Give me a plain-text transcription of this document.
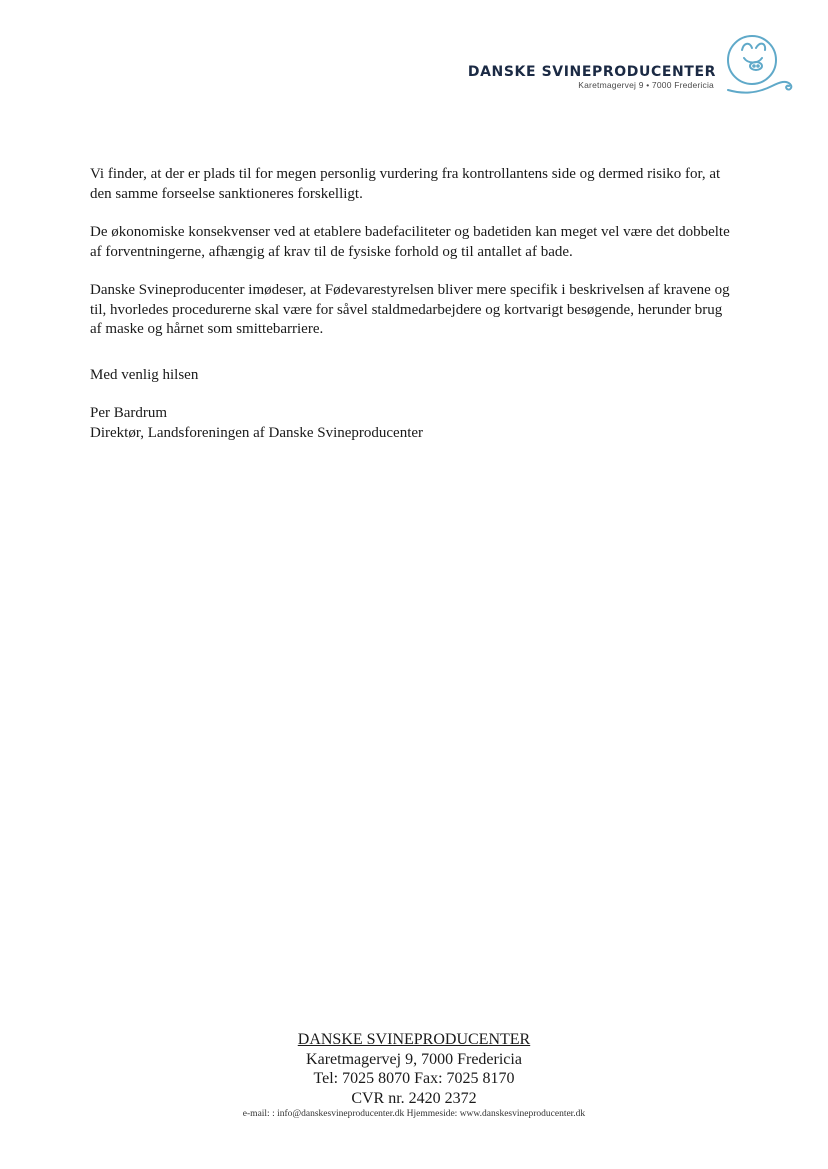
DANSKE SVINEPRODUCENTER
Karetmagervej 9 • 7000 Fredericia

Vi finder, at der er plads til for megen personlig vurdering fra kontrollantens side og dermed risiko for, at den samme forseelse sanktioneres forskelligt.

De økonomiske konsekvenser ved at etablere badefaciliteter og badetiden kan meget vel være det dobbelte af forventningerne, afhængig af krav til de fysiske forhold og til antallet af bade.

Danske Svineproducenter imødeser, at Fødevarestyrelsen bliver mere specifik i beskrivelsen af kravene og til, hvorledes procedurerne skal være for såvel staldmedarbejdere og kortvarigt besøgende, herunder brug af maske og hårnet som smittebarriere.

Med venlig hilsen

Per Bardrum
Direktør, Landsforeningen af Danske Svineproducenter

DANSKE SVINEPRODUCENTER
Karetmagervej 9, 7000 Fredericia
Tel: 7025 8070 Fax: 7025 8170
CVR nr. 2420 2372
e-mail: : info@danskesvineproducenter.dk Hjemmeside: www.danskesvineproducenter.dk
